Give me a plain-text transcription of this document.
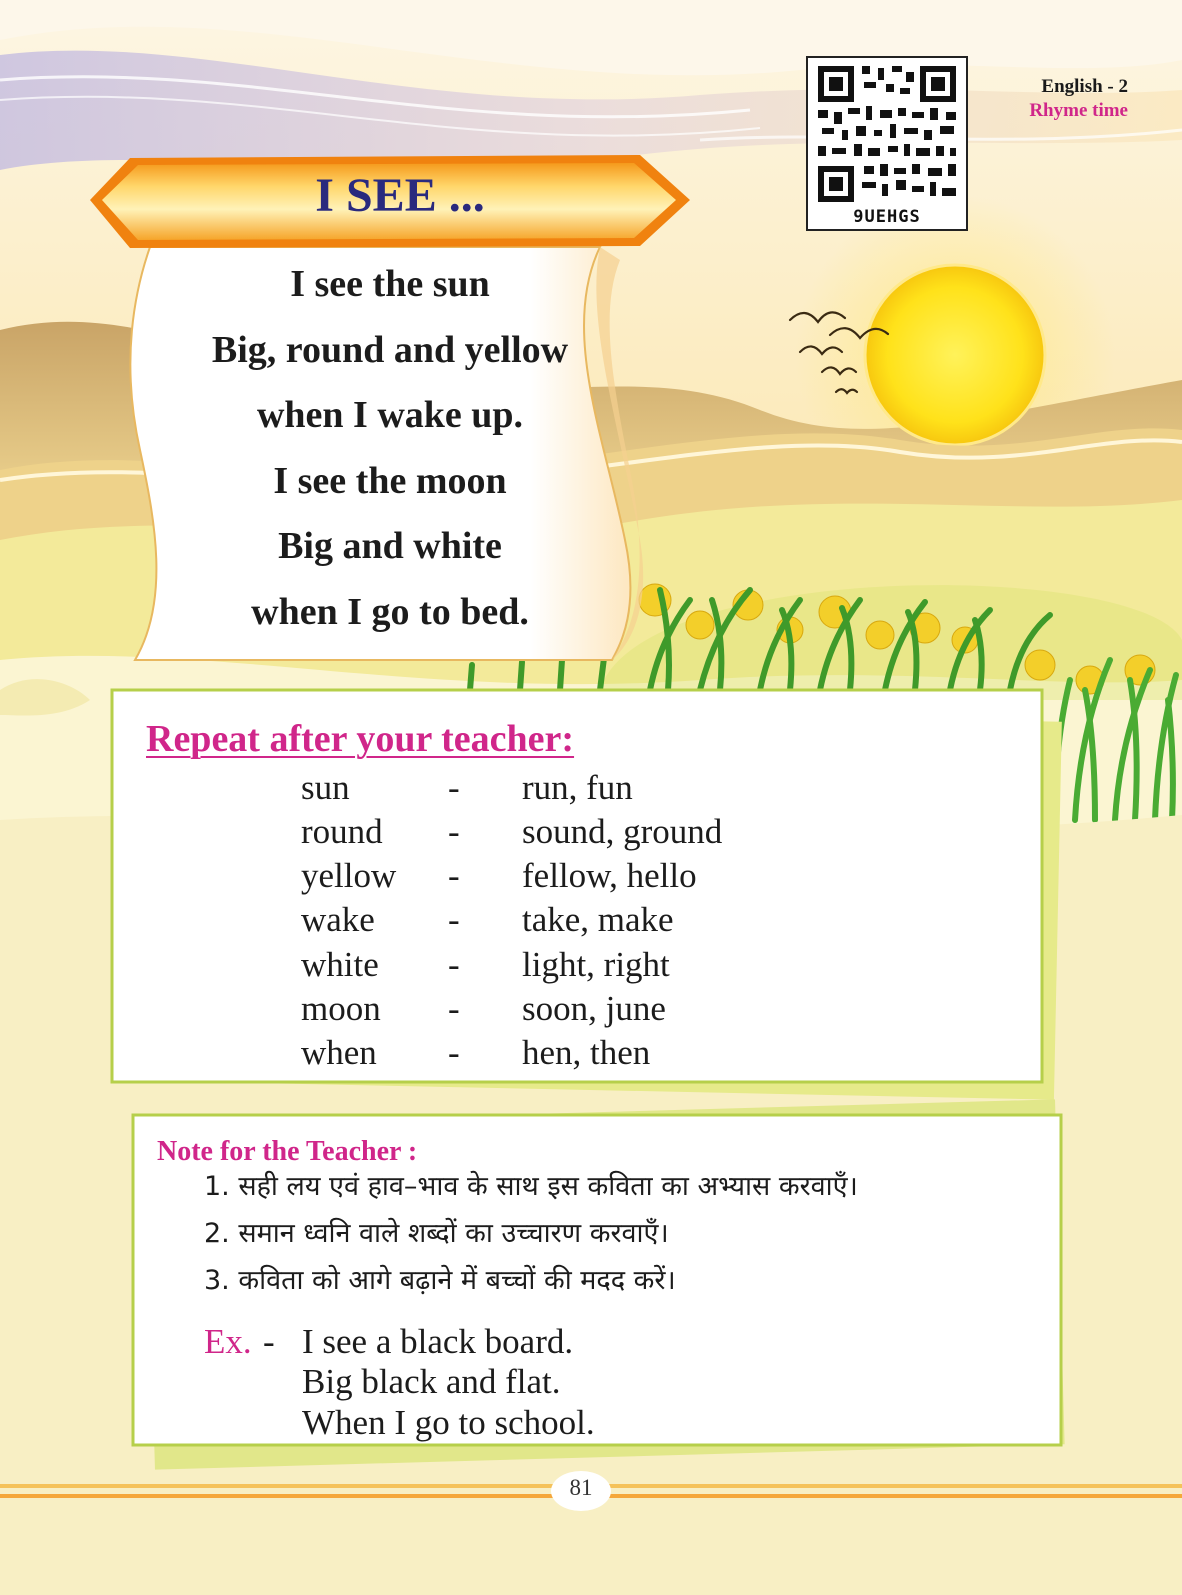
English - 2
Rhyme time
9UEHGS
I SEE ...
I see the sun
Big, round and yellow
when I wake up.
I see the moon
Big and white
when I go to bed.
Repeat after your teacher:
sun	- run, fun
round - sound, ground
yellow - fellow, hello
wake - take, make
white - light, right
moon - soon, june
when - hen, then
Note for the Teacher :
1. सही लय एवं हाव–भाव के साथ इस कविता का अभ्यास करवाएँ।
2. समान ध्वनि वाले शब्दों का उच्चारण करवाएँ।
3. कविता को आगे बढ़ाने में बच्चों की मदद करें।
Ex. - I see a black board.
Big black and flat.
When I go to school.
81
